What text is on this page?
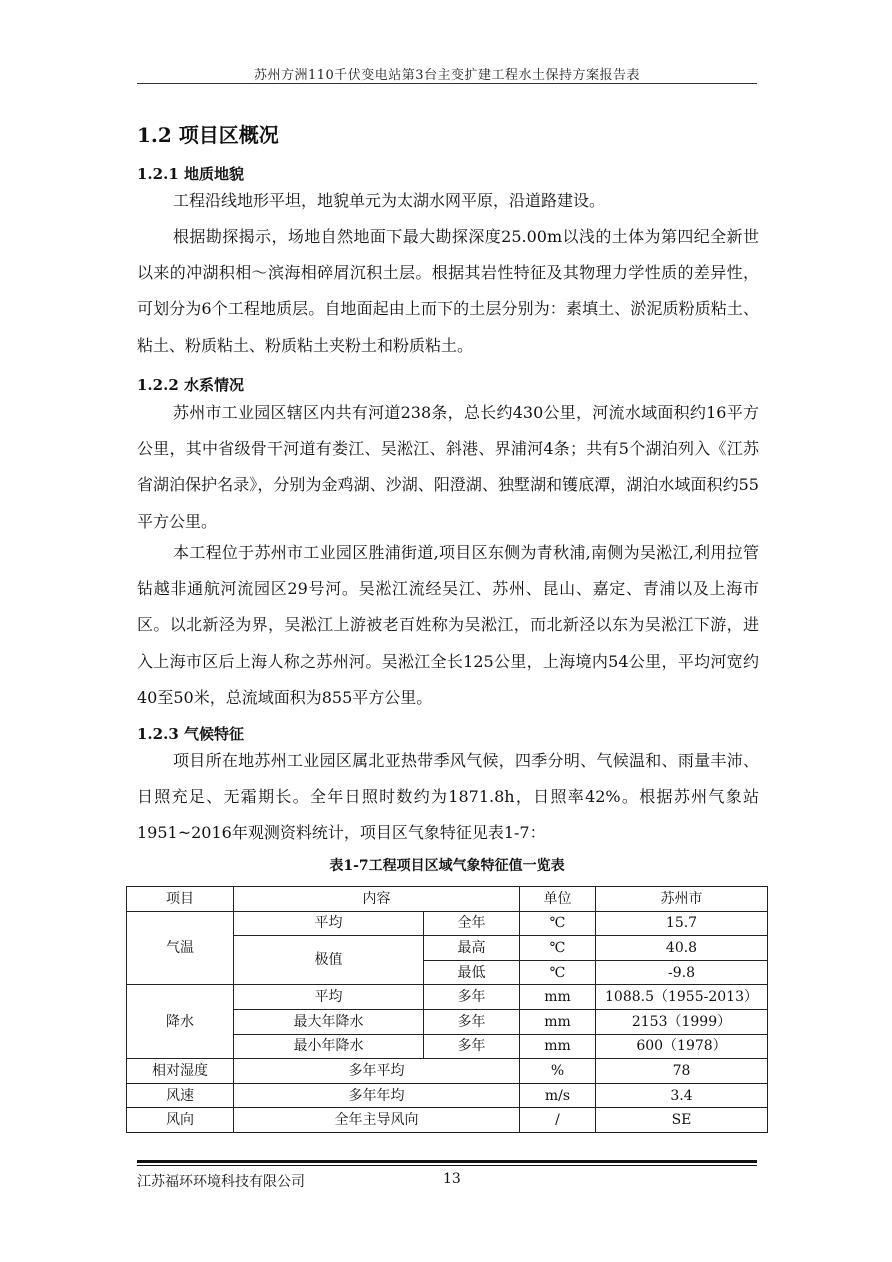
苏州方洲110千伏变电站第3台主变扩建工程水土保持方案报告表
1.2 项目区概况
1.2.1 地质地貌

工程沿线地形平坦，地貌单元为太湖水网平原，沿道路建设。

根据勘探揭示，场地自然地面下最大勘探深度25.00m以浅的土体为第四纪全新世以来的冲湖积相～滨海相碎屑沉积土层。根据其岩性特征及其物理力学性质的差异性，可划分为6个工程地质层。自地面起由上而下的土层分别为：素填土、淤泥质粉质粘土、粘土、粉质粘土、粉质粘土夹粉土和粉质粘土。

1.2.2 水系情况

苏州市工业园区辖区内共有河道238条，总长约430公里，河流水域面积约16平方公里，其中省级骨干河道有娄江、吴淞江、斜港、界浦河4条；共有5个湖泊列入《江苏省湖泊保护名录》，分别为金鸡湖、沙湖、阳澄湖、独墅湖和镬底潭，湖泊水域面积约55平方公里。

本工程位于苏州市工业园区胜浦街道,项目区东侧为青秋浦,南侧为吴淞江,利用拉管钻越非通航河流园区29号河。吴淞江流经吴江、苏州、昆山、嘉定、青浦以及上海市区。以北新泾为界，吴淞江上游被老百姓称为吴淞江，而北新泾以东为吴淞江下游，进入上海市区后上海人称之苏州河。吴淞江全长125公里，上海境内54公里，平均河宽约40至50米，总流域面积为855平方公里。

1.2.3 气候特征

项目所在地苏州工业园区属北亚热带季风气候，四季分明、气候温和、雨量丰沛、日照充足、无霜期长。全年日照时数约为1871.8h，日照率42%。根据苏州气象站1951~2016年观测资料统计，项目区气象特征见表1-7：

表1-7工程项目区域气象特征值一览表
项目	内容		单位	苏州市
气温	平均	全年	℃	15.7
	极值	最高	℃	40.8
		最低	℃	-9.8
降水	平均	多年	mm	1088.5（1955-2013）
	最大年降水	多年	mm	2153（1999）
	最小年降水	多年	mm	600（1978）
相对湿度	多年平均		%	78
风速	多年年均		m/s	3.4
风向	全年主导风向		/	SE
江苏福环环境科技有限公司	13
